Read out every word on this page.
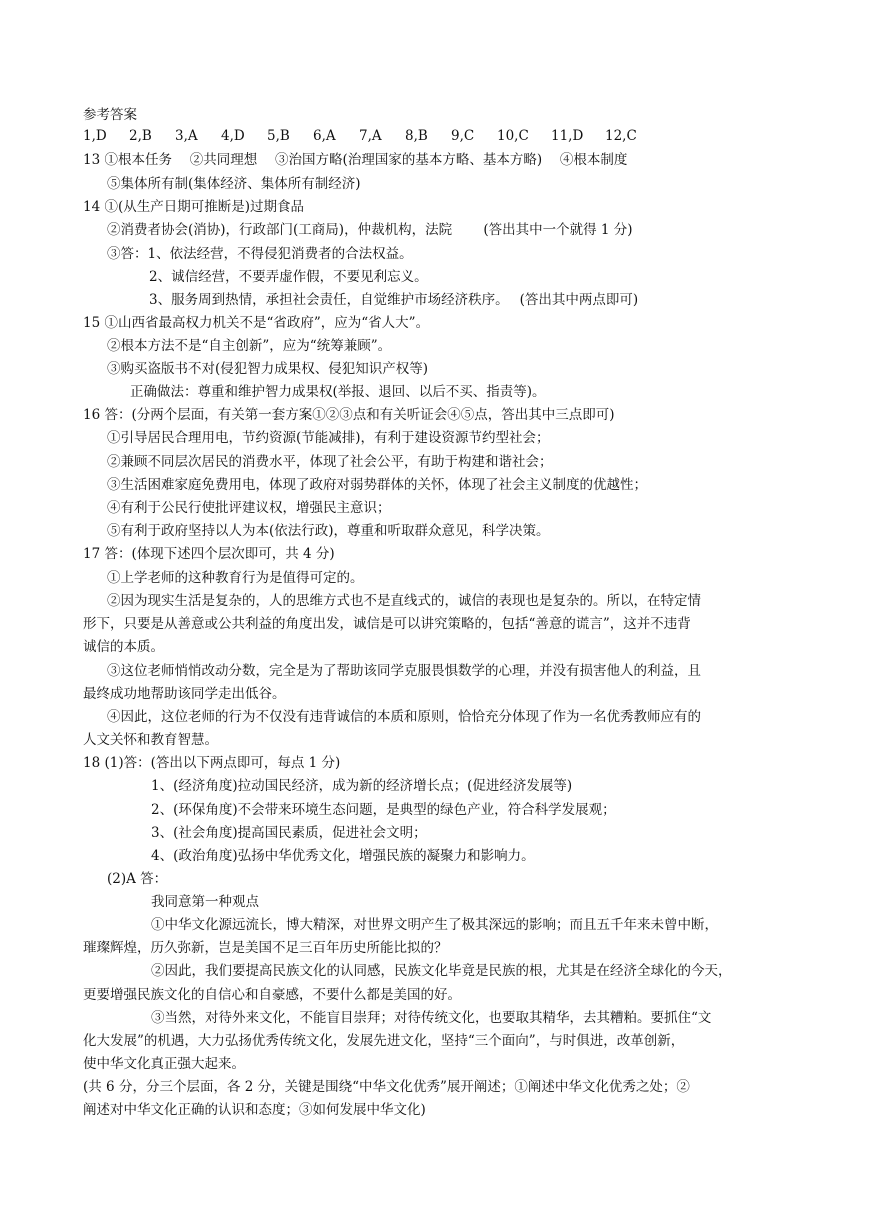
参考答案
1,D 2,B 3,A 4,D 5,B 6,A 7,A 8,B 9,C 10,C 11,D 12,C
13 ①根本任务　 ②共同理想　 ③治国方略(治理国家的基本方略、基本方略)　 ④根本制度
⑤集体所有制(集体经济、集体所有制经济)
14 ①(从生产日期可推断是)过期食品
②消费者协会(消协)，行政部门(工商局)，仲裁机构，法院　　 (答出其中一个就得 1 分)
③答：1、依法经营，不得侵犯消费者的合法权益。
2、诚信经营，不要弄虚作假，不要见利忘义。
3、服务周到热情，承担社会责任，自觉维护市场经济秩序。　 (答出其中两点即可)
15 ①山西省最高权力机关不是“省政府”，应为“省人大”。
②根本方法不是“自主创新”，应为“统筹兼顾”。
③购买盗版书不对(侵犯智力成果权、侵犯知识产权等)
正确做法：尊重和维护智力成果权(举报、退回、以后不买、指责等)。
16 答：(分两个层面，有关第一套方案①②③点和有关听证会④⑤点，答出其中三点即可)
①引导居民合理用电，节约资源(节能减排)，有利于建设资源节约型社会；
②兼顾不同层次居民的消费水平，体现了社会公平，有助于构建和谐社会；
③生活困难家庭免费用电，体现了政府对弱势群体的关怀，体现了社会主义制度的优越性；
④有利于公民行使批评建议权，增强民主意识；
⑤有利于政府坚持以人为本(依法行政)，尊重和听取群众意见，科学决策。
17 答：(体现下述四个层次即可，共 4 分)
①上学老师的这种教育行为是值得可定的。
②因为现实生活是复杂的，人的思维方式也不是直线式的，诚信的表现也是复杂的。所以，在特定情
形下，只要是从善意或公共利益的角度出发，诚信是可以讲究策略的，包括“善意的谎言”，这并不违背
诚信的本质。
③这位老师悄悄改动分数，完全是为了帮助该同学克服畏惧数学的心理，并没有损害他人的利益，且
最终成功地帮助该同学走出低谷。
④因此，这位老师的行为不仅没有违背诚信的本质和原则，恰恰充分体现了作为一名优秀教师应有的
人文关怀和教育智慧。
18 (1)答：(答出以下两点即可，每点 1 分)
1、(经济角度)拉动国民经济，成为新的经济增长点；(促进经济发展等)
2、(环保角度)不会带来环境生态问题，是典型的绿色产业，符合科学发展观；
3、(社会角度)提高国民素质，促进社会文明；
4、(政治角度)弘扬中华优秀文化，增强民族的凝聚力和影响力。
(2)A 答：
我同意第一种观点
①中华文化源远流长，博大精深，对世界文明产生了极其深远的影响；而且五千年来未曾中断，
璀璨辉煌，历久弥新，岂是美国不足三百年历史所能比拟的？
②因此，我们要提高民族文化的认同感，民族文化毕竟是民族的根，尤其是在经济全球化的今天，
更要增强民族文化的自信心和自豪感，不要什么都是美国的好。
③当然，对待外来文化，不能盲目崇拜；对待传统文化，也要取其精华，去其糟粕。要抓住“文
化大发展”的机遇，大力弘扬优秀传统文化，发展先进文化，坚持“三个面向”，与时俱进，改革创新，
使中华文化真正强大起来。
(共 6 分，分三个层面，各 2 分，关键是围绕“中华文化优秀”展开阐述；①阐述中华文化优秀之处；②
阐述对中华文化正确的认识和态度；③如何发展中华文化)
